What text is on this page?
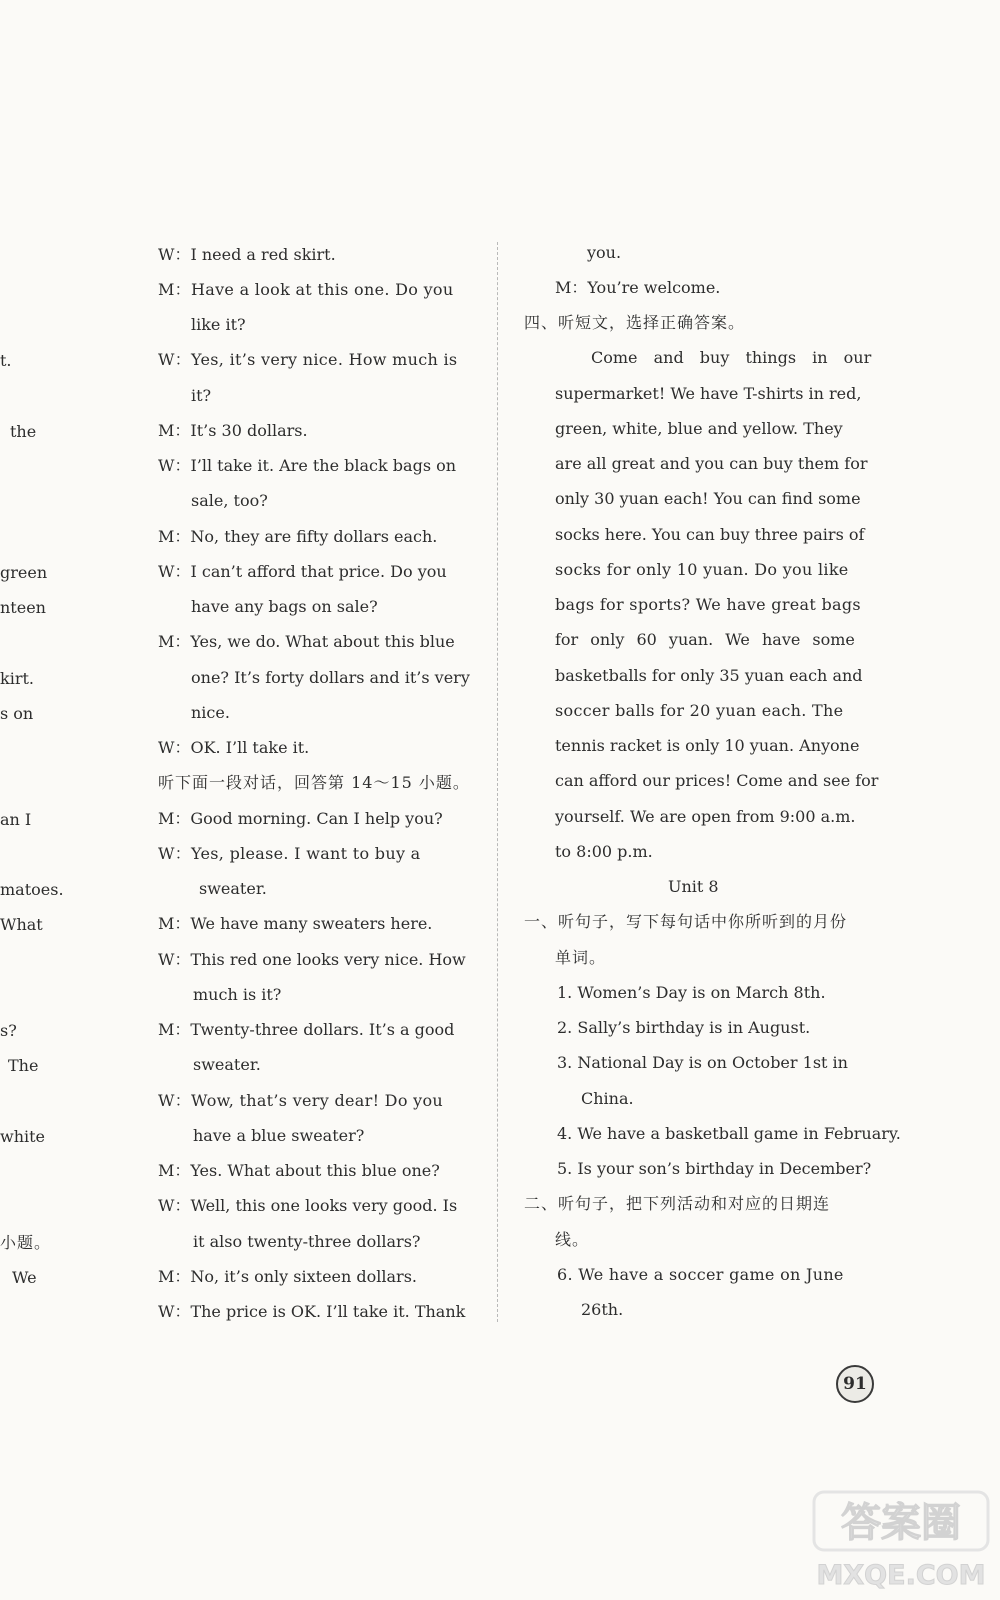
t.
the
green
nteen
kirt.
s on
an I
matoes.
What
s?
The
white
小题。
We
W：I need a red skirt.
M：Have a look at this one. Do you
like it?
W：Yes, it’s very nice. How much is
it?
M：It’s 30 dollars.
W：I’ll take it. Are the black bags on
sale, too?
M：No, they are fifty dollars each.
W：I can’t afford that price. Do you
have any bags on sale?
M：Yes, we do. What about this blue
one? It’s forty dollars and it’s very
nice.
W：OK. I’ll take it.
听下面一段对话，回答第 14～15 小题。
M：Good morning. Can I help you?
W：Yes, please. I want to buy a
sweater.
M：We have many sweaters here.
W：This red one looks very nice. How
much is it?
M：Twenty-three dollars. It’s a good
sweater.
W：Wow, that’s very dear! Do you
have a blue sweater?
M：Yes. What about this blue one?
W：Well, this one looks very good. Is
it also twenty-three dollars?
M：No, it’s only sixteen dollars.
W：The price is OK. I’ll take it. Thank
you.
M：You’re welcome.
四、听短文，选择正确答案。
Come and buy things in our
supermarket! We have T-shirts in red,
green, white, blue and yellow. They
are all great and you can buy them for
only 30 yuan each! You can find some
socks here. You can buy three pairs of
socks for only 10 yuan. Do you like
bags for sports? We have great bags
for only 60 yuan. We have some
basketballs for only 35 yuan each and
soccer balls for 20 yuan each. The
tennis racket is only 10 yuan. Anyone
can afford our prices! Come and see for
yourself. We are open from 9:00 a.m.
to 8:00 p.m.
Unit 8
一、听句子，写下每句话中你所听到的月份
单词。
1. Women’s Day is on March 8th.
2. Sally’s birthday is in August.
3. National Day is on October 1st in
China.
4. We have a basketball game in February.
5. Is your son’s birthday in December?
二、听句子，把下列活动和对应的日期连
线。
6. We have a soccer game on June
26th.
91
答案圈
MXQE.COM
